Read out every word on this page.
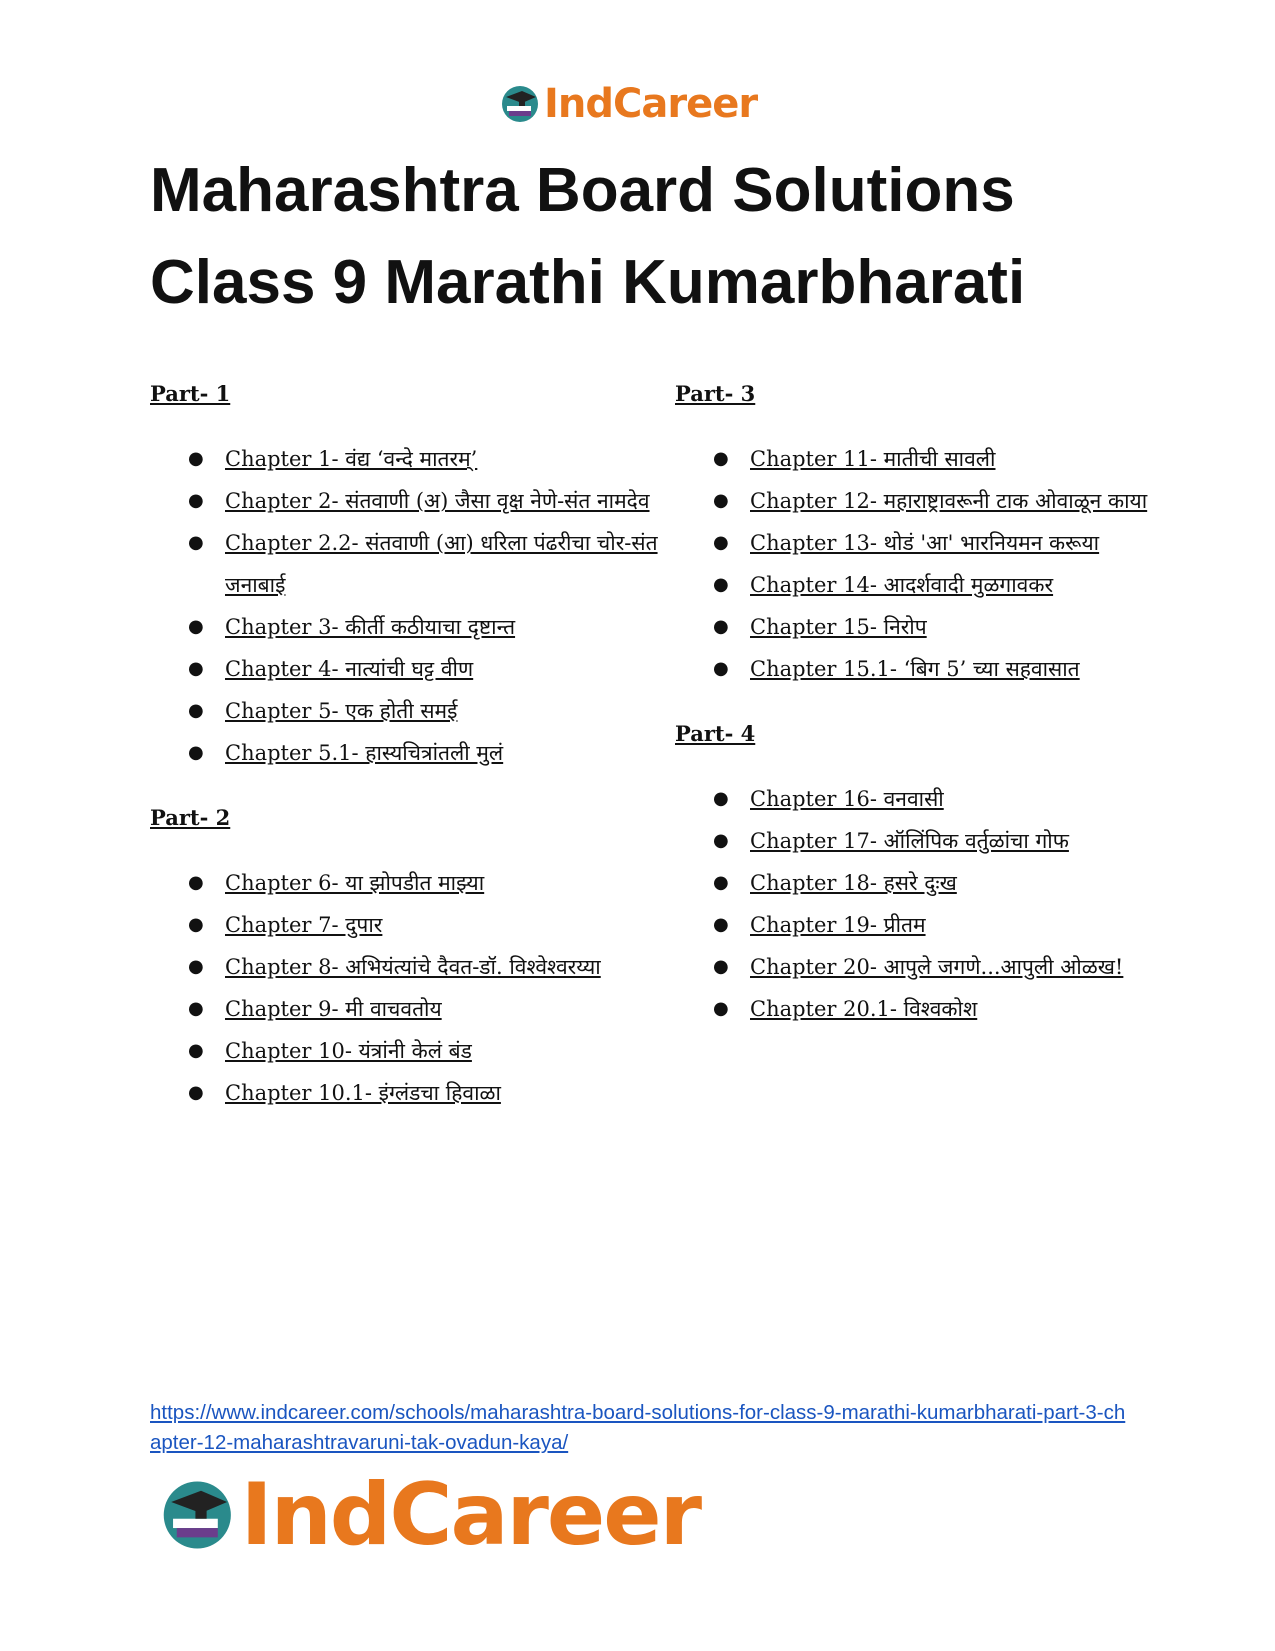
IndCareer
Maharashtra Board Solutions
Class 9 Marathi Kumarbharati

Part- 1

● Chapter 1- वंद्य ‘वन्दे मातरम्’
● Chapter 2- संतवाणी (अ) जैसा वृक्ष नेणे-संत नामदेव
● Chapter 2.2- संतवाणी (आ) धरिला पंढरीचा चोर-संत जनाबाई
● Chapter 3- कीर्ती कठीयाचा दृष्टान्त
● Chapter 4- नात्यांची घट्ट वीण
● Chapter 5- एक होती समई
● Chapter 5.1- हास्यचित्रांतली मुलं

Part- 2

● Chapter 6- या झोपडीत माझ्या
● Chapter 7- दुपार
● Chapter 8- अभियंत्यांचे दैवत-डॉ. विश्वेश्वरय्या
● Chapter 9- मी वाचवतोय
● Chapter 10- यंत्रांनी केलं बंड
● Chapter 10.1- इंग्लंडचा हिवाळा

Part- 3

● Chapter 11- मातीची सावली
● Chapter 12- महाराष्ट्रावरूनी टाक ओवाळून काया
● Chapter 13- थोडं 'आ' भारनियमन करूया
● Chapter 14- आदर्शवादी मुळगावकर
● Chapter 15- निरोप
● Chapter 15.1- ‘बिग 5’ च्या सहवासात

Part- 4

● Chapter 16- वनवासी
● Chapter 17- ऑलिंपिक वर्तुळांचा गोफ
● Chapter 18- हसरे दुःख
● Chapter 19- प्रीतम
● Chapter 20- आपुले जगणे...आपुली ओळख!
● Chapter 20.1- विश्वकोश
https://www.indcareer.com/schools/maharashtra-board-solutions-for-class-9-marathi-kumarbharati-part-3-chapter-12-maharashtravaruni-tak-ovadun-kaya/
IndCareer
